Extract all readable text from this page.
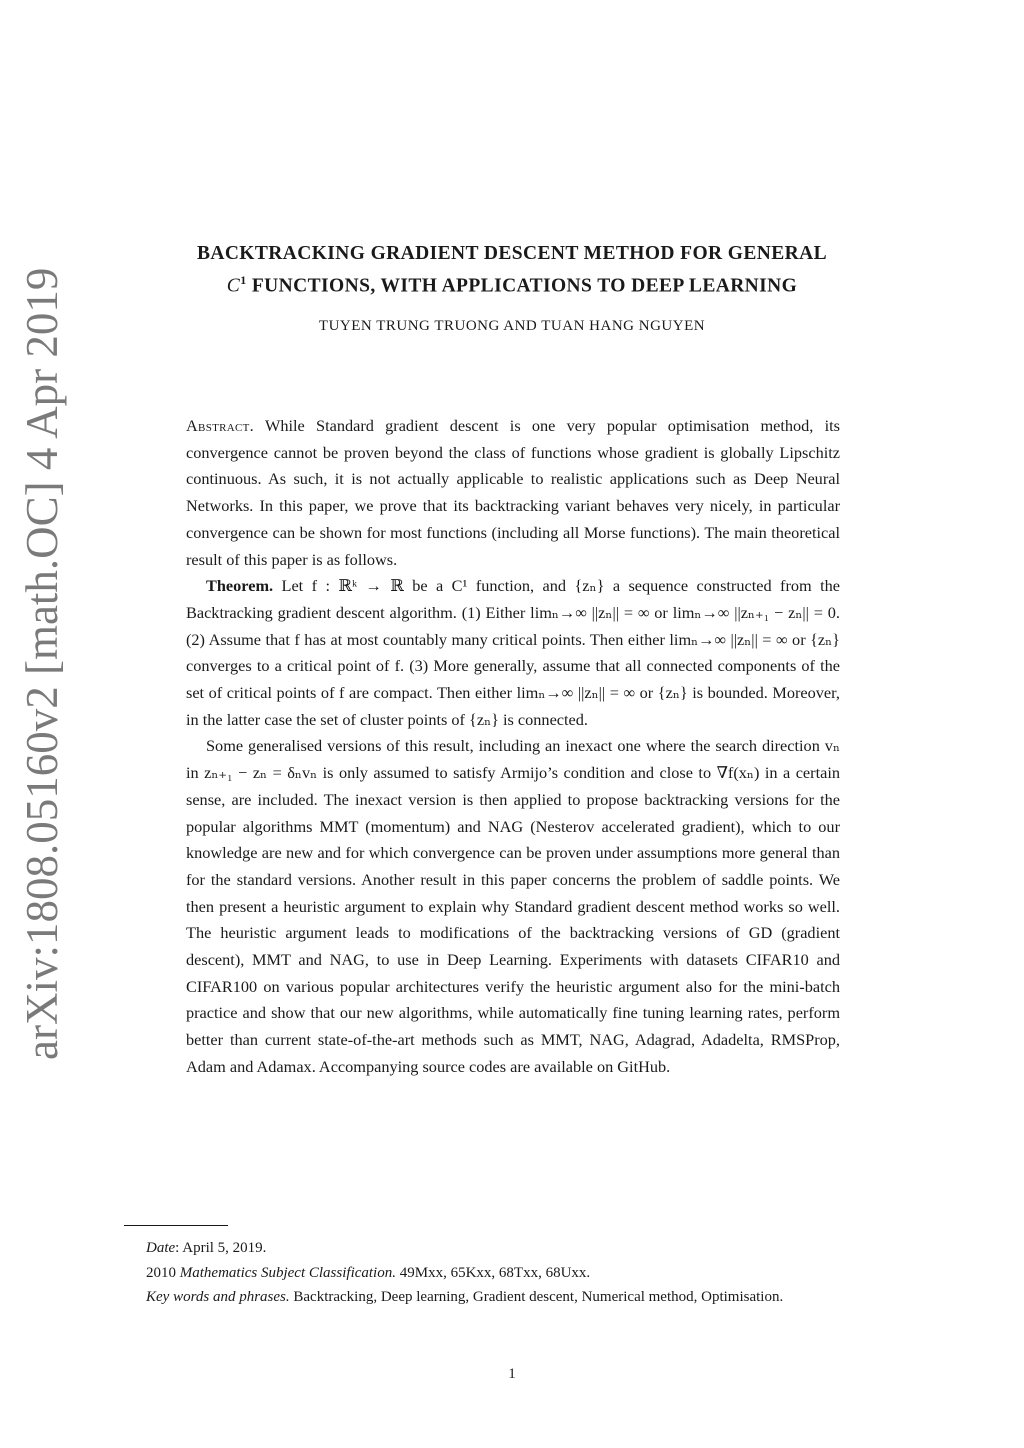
arXiv:1808.05160v2 [math.OC] 4 Apr 2019
BACKTRACKING GRADIENT DESCENT METHOD FOR GENERAL
$C^1$ FUNCTIONS, WITH APPLICATIONS TO DEEP LEARNING
TUYEN TRUNG TRUONG AND TUAN HANG NGUYEN

Abstract. While Standard gradient descent is one very popular optimisation method, its convergence cannot be proven beyond the class of functions whose gradient is globally Lipschitz continuous. As such, it is not actually applicable to realistic applications such as Deep Neural Networks. In this paper, we prove that its backtracking variant behaves very nicely, in particular convergence can be shown for most functions (including all Morse functions). The main theoretical result of this paper is as follows.

Theorem. Let f : ℝᵏ → ℝ be a C¹ function, and {zₙ} a sequence constructed from the Backtracking gradient descent algorithm. (1) Either limₙ→∞ ||zₙ|| = ∞ or limₙ→∞ ||zₙ₊₁ − zₙ|| = 0. (2) Assume that f has at most countably many critical points. Then either limₙ→∞ ||zₙ|| = ∞ or {zₙ} converges to a critical point of f. (3) More generally, assume that all connected components of the set of critical points of f are compact. Then either limₙ→∞ ||zₙ|| = ∞ or {zₙ} is bounded. Moreover, in the latter case the set of cluster points of {zₙ} is connected.

Some generalised versions of this result, including an inexact one where the search direction vₙ in zₙ₊₁ − zₙ = δₙvₙ is only assumed to satisfy Armijo’s condition and close to ∇f(xₙ) in a certain sense, are included. The inexact version is then applied to propose backtracking versions for the popular algorithms MMT (momentum) and NAG (Nesterov accelerated gradient), which to our knowledge are new and for which convergence can be proven under assumptions more general than for the standard versions. Another result in this paper concerns the problem of saddle points. We then present a heuristic argument to explain why Standard gradient descent method works so well. The heuristic argument leads to modifications of the backtracking versions of GD (gradient descent), MMT and NAG, to use in Deep Learning. Experiments with datasets CIFAR10 and CIFAR100 on various popular architectures verify the heuristic argument also for the mini-batch practice and show that our new algorithms, while automatically fine tuning learning rates, perform better than current state-of-the-art methods such as MMT, NAG, Adagrad, Adadelta, RMSProp, Adam and Adamax. Accompanying source codes are available on GitHub.

Date: April 5, 2019.

2010 Mathematics Subject Classification. 49Mxx, 65Kxx, 68Txx, 68Uxx.

Key words and phrases. Backtracking, Deep learning, Gradient descent, Numerical method, Optimisation.

1
